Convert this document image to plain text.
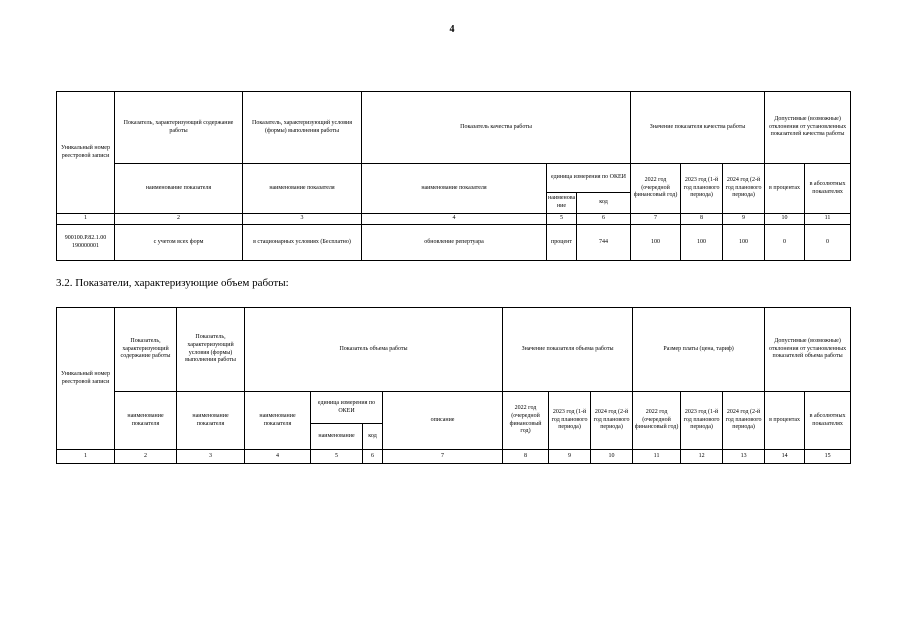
4
Уникальный номер реестровой записи	Показатель, характеризующий содержание работы	Показатель, характеризующий условия (формы) выполнения работы	Показатель качества работы			Значение показателя качества работы			Допустимые (возможные) отклонения от установленных показателей качества работы	
	наименование показателя	наименование показателя	наименование показателя	единица измерения по ОКЕИ		2022 год (очередной финансовый год)	2023 год (1-й год планового периода)	2024 год (2-й год планового периода)	в процентах	в абсолютных показателях
				наименова ние	код					
1	2	3	4	5	6	7	8	9	10	11
900100.Р.82.1.00 190000001	с учетом всех форм	в стационарных условиях (Бесплатно)	обновление репертуара	процент	744	100	100	100	0	0
3.2. Показатели, характеризующие объем работы:
Уникальный номер реестровой записи	Показатель, характеризующий содержание работы	Показатель, характеризующий условия (формы) выполнения работы	Показатель объема работы				Значение показателя объема работы			Размер платы (цена, тариф)			Допустимые (возможные) отклонения от установленных показателей объема работы	
	наименование показателя	наименование показателя	наименование показателя	единица измерения по ОКЕИ		описание	2022 год (очередной финансовый год)	2023 год (1-й год планового периода)	2024 год (2-й год планового периода)	2022 год (очередной финансовый год)	2023 год (1-й год планового периода)	2024 год (2-й год планового периода)	в процентах	в абсолютных показателях
				наименование	код									
1	2	3	4	5	6	7	8	9	10	11	12	13	14	15
